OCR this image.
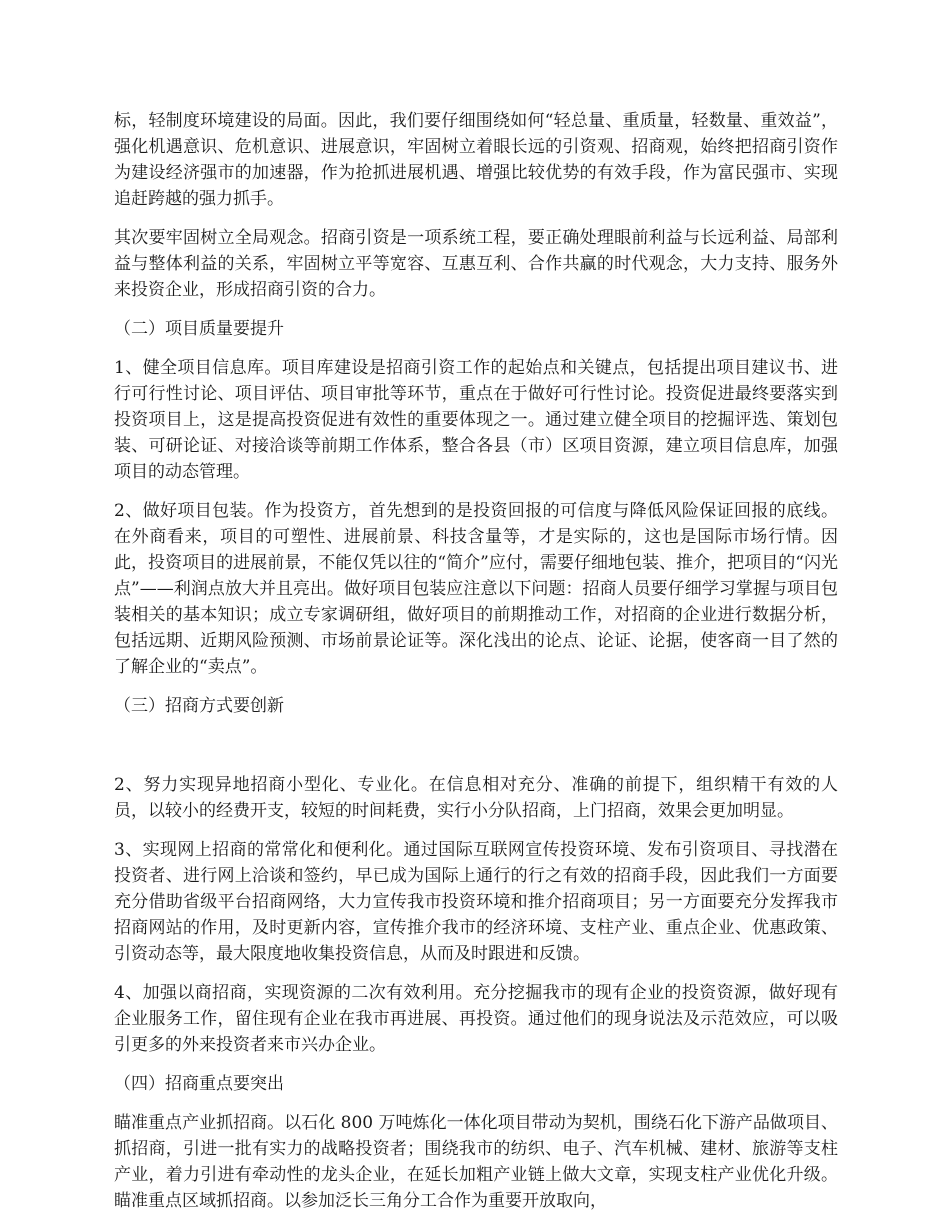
标，轻制度环境建设的局面。因此，我们要仔细围绕如何“轻总量、重质量，轻数量、重效益”，强化机遇意识、危机意识、进展意识，牢固树立着眼长远的引资观、招商观，始终把招商引资作为建设经济强市的加速器，作为抢抓进展机遇、增强比较优势的有效手段，作为富民强市、实现追赶跨越的强力抓手。

其次要牢固树立全局观念。招商引资是一项系统工程，要正确处理眼前利益与长远利益、局部利益与整体利益的关系，牢固树立平等宽容、互惠互利、合作共赢的时代观念，大力支持、服务外来投资企业，形成招商引资的合力。

（二）项目质量要提升

1、健全项目信息库。项目库建设是招商引资工作的起始点和关键点，包括提出项目建议书、进行可行性讨论、项目评估、项目审批等环节，重点在于做好可行性讨论。投资促进最终要落实到投资项目上，这是提高投资促进有效性的重要体现之一。通过建立健全项目的挖掘评选、策划包装、可研论证、对接洽谈等前期工作体系，整合各县（市）区项目资源，建立项目信息库，加强项目的动态管理。

2、做好项目包装。作为投资方，首先想到的是投资回报的可信度与降低风险保证回报的底线。在外商看来，项目的可塑性、进展前景、科技含量等，才是实际的，这也是国际市场行情。因此，投资项目的进展前景，不能仅凭以往的“简介”应付，需要仔细地包装、推介，把项目的“闪光点”——利润点放大并且亮出。做好项目包装应注意以下问题：招商人员要仔细学习掌握与项目包装相关的基本知识；成立专家调研组，做好项目的前期推动工作，对招商的企业进行数据分析，包括远期、近期风险预测、市场前景论证等。深化浅出的论点、论证、论据，使客商一目了然的了解企业的“卖点”。

（三）招商方式要创新

2、努力实现异地招商小型化、专业化。在信息相对充分、准确的前提下，组织精干有效的人员，以较小的经费开支，较短的时间耗费，实行小分队招商，上门招商，效果会更加明显。

3、实现网上招商的常常化和便利化。通过国际互联网宣传投资环境、发布引资项目、寻找潜在投资者、进行网上洽谈和签约，早已成为国际上通行的行之有效的招商手段，因此我们一方面要充分借助省级平台招商网络，大力宣传我市投资环境和推介招商项目；另一方面要充分发挥我市招商网站的作用，及时更新内容，宣传推介我市的经济环境、支柱产业、重点企业、优惠政策、引资动态等，最大限度地收集投资信息，从而及时跟进和反馈。

4、加强以商招商，实现资源的二次有效利用。充分挖掘我市的现有企业的投资资源，做好现有企业服务工作，留住现有企业在我市再进展、再投资。通过他们的现身说法及示范效应，可以吸引更多的外来投资者来市兴办企业。

（四）招商重点要突出

瞄准重点产业抓招商。以石化 800 万吨炼化一体化项目带动为契机，围绕石化下游产品做项目、抓招商，引进一批有实力的战略投资者；围绕我市的纺织、电子、汽车机械、建材、旅游等支柱产业，着力引进有牵动性的龙头企业，在延长加粗产业链上做大文章，实现支柱产业优化升级。瞄准重点区域抓招商。以参加泛长三角分工合作为重要开放取向，
